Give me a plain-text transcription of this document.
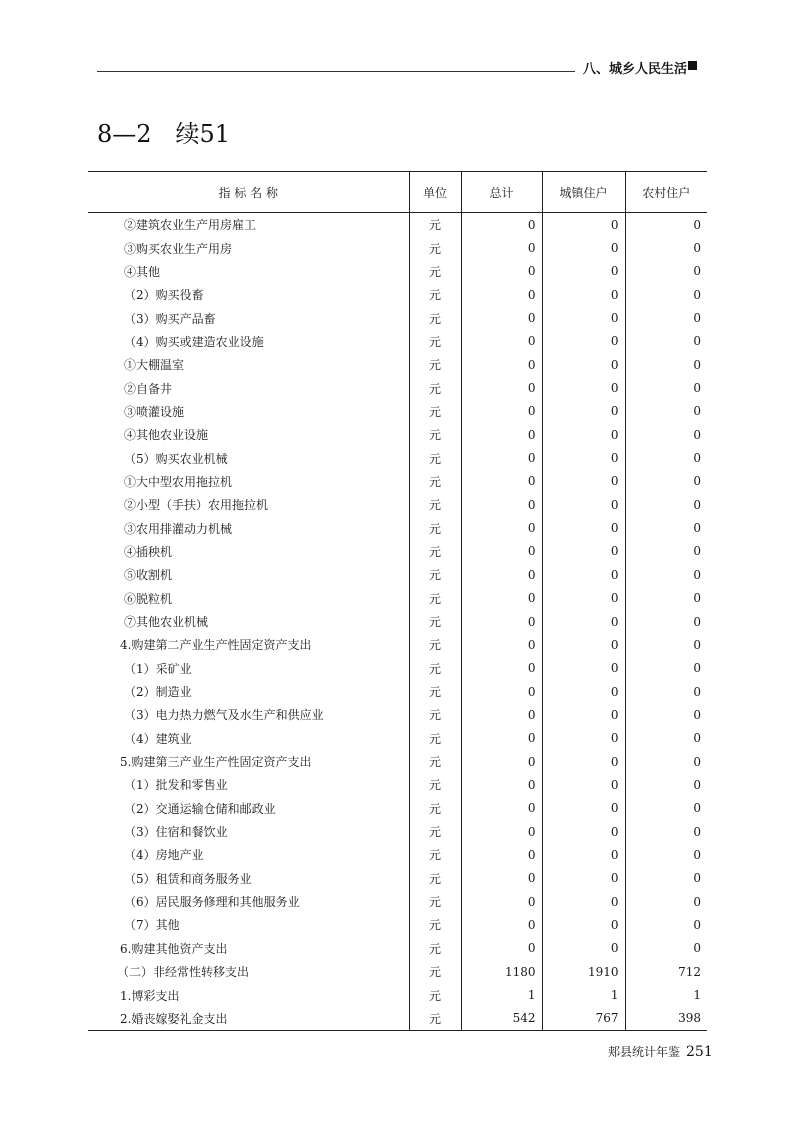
八、城乡人民生活
8—2　续51
指 标 名 称	单位	总计	城镇住户	农村住户
②建筑农业生产用房雇工	元	0	0	0
③购买农业生产用房	元	0	0	0
④其他	元	0	0	0
（2）购买役畜	元	0	0	0
（3）购买产品畜	元	0	0	0
（4）购买或建造农业设施	元	0	0	0
①大棚温室	元	0	0	0
②自备井	元	0	0	0
③喷灌设施	元	0	0	0
④其他农业设施	元	0	0	0
（5）购买农业机械	元	0	0	0
①大中型农用拖拉机	元	0	0	0
②小型（手扶）农用拖拉机	元	0	0	0
③农用排灌动力机械	元	0	0	0
④插秧机	元	0	0	0
⑤收割机	元	0	0	0
⑥脱粒机	元	0	0	0
⑦其他农业机械	元	0	0	0
4.购建第二产业生产性固定资产支出	元	0	0	0
（1）采矿业	元	0	0	0
（2）制造业	元	0	0	0
（3）电力热力燃气及水生产和供应业	元	0	0	0
（4）建筑业	元	0	0	0
5.购建第三产业生产性固定资产支出	元	0	0	0
（1）批发和零售业	元	0	0	0
（2）交通运输仓储和邮政业	元	0	0	0
（3）住宿和餐饮业	元	0	0	0
（4）房地产业	元	0	0	0
（5）租赁和商务服务业	元	0	0	0
（6）居民服务修理和其他服务业	元	0	0	0
（7）其他	元	0	0	0
6.购建其他资产支出	元	0	0	0
（二）非经常性转移支出	元	1180	1910	712
1.博彩支出	元	1	1	1
2.婚丧嫁娶礼金支出	元	542	767	398
郏县统计年鉴 251
